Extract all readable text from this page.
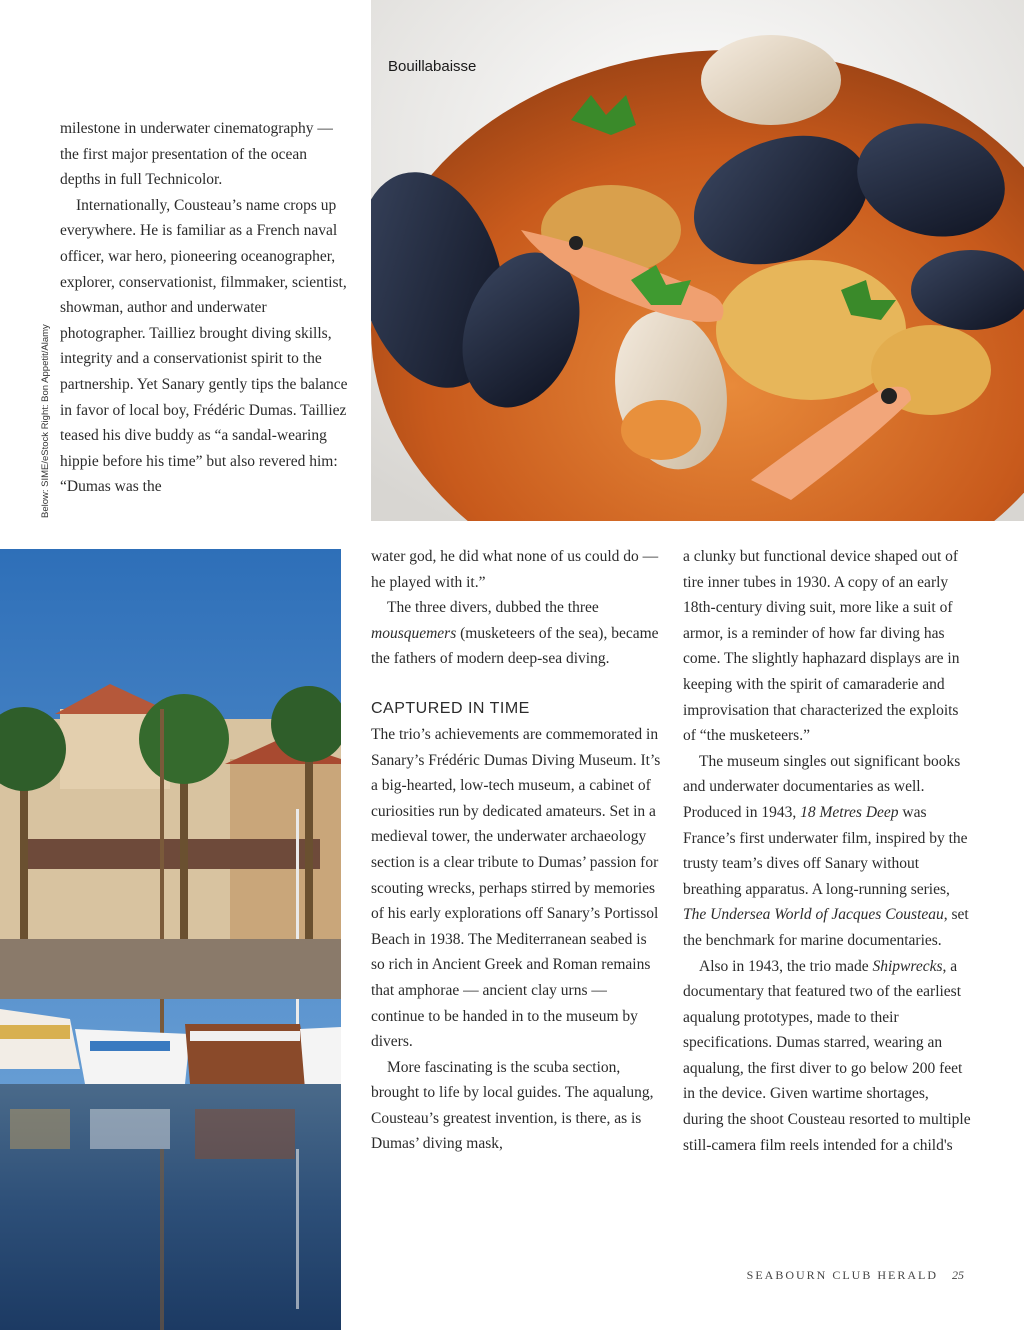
Bouillabaisse

milestone in underwater cinematography — the first major presentation of the ocean depths in full Technicolor.

Internationally, Cousteau’s name crops up everywhere. He is familiar as a French naval officer, war hero, pioneering oceanographer, explorer, conservationist, filmmaker, scientist, showman, author and underwater photographer. Tailliez brought diving skills, integrity and a conservationist spirit to the partnership. Yet Sanary gently tips the balance in favor of local boy, Frédéric Dumas. Tailliez teased his dive buddy as “a sandal-wearing hippie before his time” but also revered him: “Dumas was the

Below: SIME/eStock Right: Bon Appetit/Alamy

water god, he did what none of us could do — he played with it.”

The three divers, dubbed the three mousquemers (musketeers of the sea), became the fathers of modern deep-sea diving.

CAPTURED IN TIME

The trio’s achievements are commemorated in Sanary’s Frédéric Dumas Diving Museum. It’s a big-hearted, low-tech museum, a cabinet of curiosities run by dedicated amateurs. Set in a medieval tower, the underwater archaeology section is a clear tribute to Dumas’ passion for scouting wrecks, perhaps stirred by memories of his early explorations off Sanary’s Portissol Beach in 1938. The Mediterranean seabed is so rich in Ancient Greek and Roman remains that amphorae — ancient clay urns — continue to be handed in to the museum by divers.

More fascinating is the scuba section, brought to life by local guides. The aqualung, Cousteau’s greatest invention, is there, as is Dumas’ diving mask,

a clunky but functional device shaped out of tire inner tubes in 1930. A copy of an early 18th-century diving suit, more like a suit of armor, is a reminder of how far diving has come. The slightly haphazard displays are in keeping with the spirit of camaraderie and improvisation that characterized the exploits of “the musketeers.”

The museum singles out significant books and underwater documentaries as well. Produced in 1943, 18 Metres Deep was France’s first underwater film, inspired by the trusty team’s dives off Sanary without breathing apparatus. A long-running series, The Undersea World of Jacques Cousteau, set the benchmark for marine documentaries.

Also in 1943, the trio made Shipwrecks, a documentary that featured two of the earliest aqualung prototypes, made to their specifications. Dumas starred, wearing an aqualung, the first diver to go below 200 feet in the device. Given wartime shortages, during the shoot Cousteau resorted to multiple still-camera film reels intended for a child's

SEABOURN CLUB HERALD 25
